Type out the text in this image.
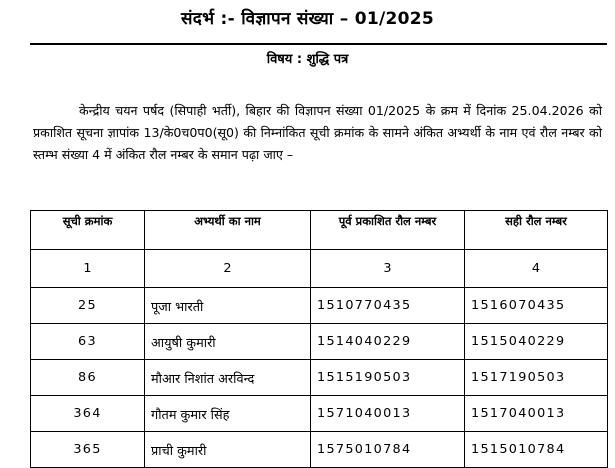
संदर्भ :- विज्ञापन संख्या – 01/2025
विषय : शुद्धि पत्र

केन्द्रीय चयन पर्षद (सिपाही भर्ती), बिहार की विज्ञापन संख्या 01/2025 के क्रम में दिनांक 25.04.2026 को प्रकाशित सूचना ज्ञापांक 13/के0च0प0(सू0) की निम्नांकित सूची क्रमांक के सामने अंकित अभ्यर्थी के नाम एवं रौल नम्बर को स्तम्भ संख्या 4 में अंकित रौल नम्बर के समान पढ़ा जाए –

सूची क्रमांक	अभ्यर्थी का नाम	पूर्व प्रकाशित रौल नम्बर	सही रौल नम्बर
1	2	3	4
25	पूजा भारती	1510770435	1516070435
63	आयुषी कुमारी	1514040229	1515040229
86	मौआर निशांत अरविन्द	1515190503	1517190503
364	गौतम कुमार सिंह	1571040013	1517040013
365	प्राची कुमारी	1575010784	1515010784
